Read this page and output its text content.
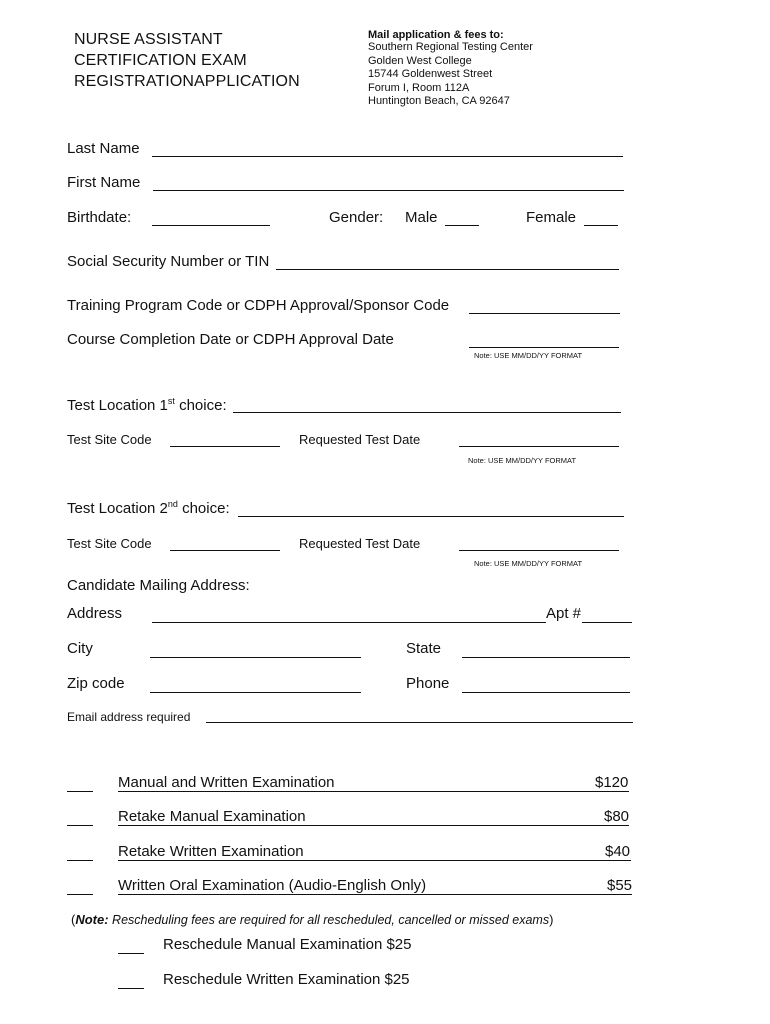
NURSE ASSISTANT
CERTIFICATION EXAM
REGISTRATIONAPPLICATION
Mail application & fees to:
Southern Regional Testing Center
Golden West College
15744 Goldenwest Street
Forum I, Room 112A
Huntington Beach, CA 92647
Last Name
First Name
Birthdate:	Gender: Male	Female
Social Security Number or TIN
Training Program Code or CDPH Approval/Sponsor Code
Course Completion Date or CDPH Approval Date
Note: USE MM/DD/YY FORMAT
Test Location 1st choice:
Test Site Code	Requested Test Date
Note: USE MM/DD/YY FORMAT
Test Location 2nd choice:
Test Site Code	Requested Test Date
Note: USE MM/DD/YY FORMAT
Candidate Mailing Address:
Address	Apt #
City	State
Zip code	Phone
Email address required
Manual and Written Examination	$120
Retake Manual Examination	$80
Retake Written Examination	$40
Written Oral Examination (Audio-English Only)	$55
(Note: Rescheduling fees are required for all rescheduled, cancelled or missed exams)
Reschedule Manual Examination $25
Reschedule Written Examination $25
